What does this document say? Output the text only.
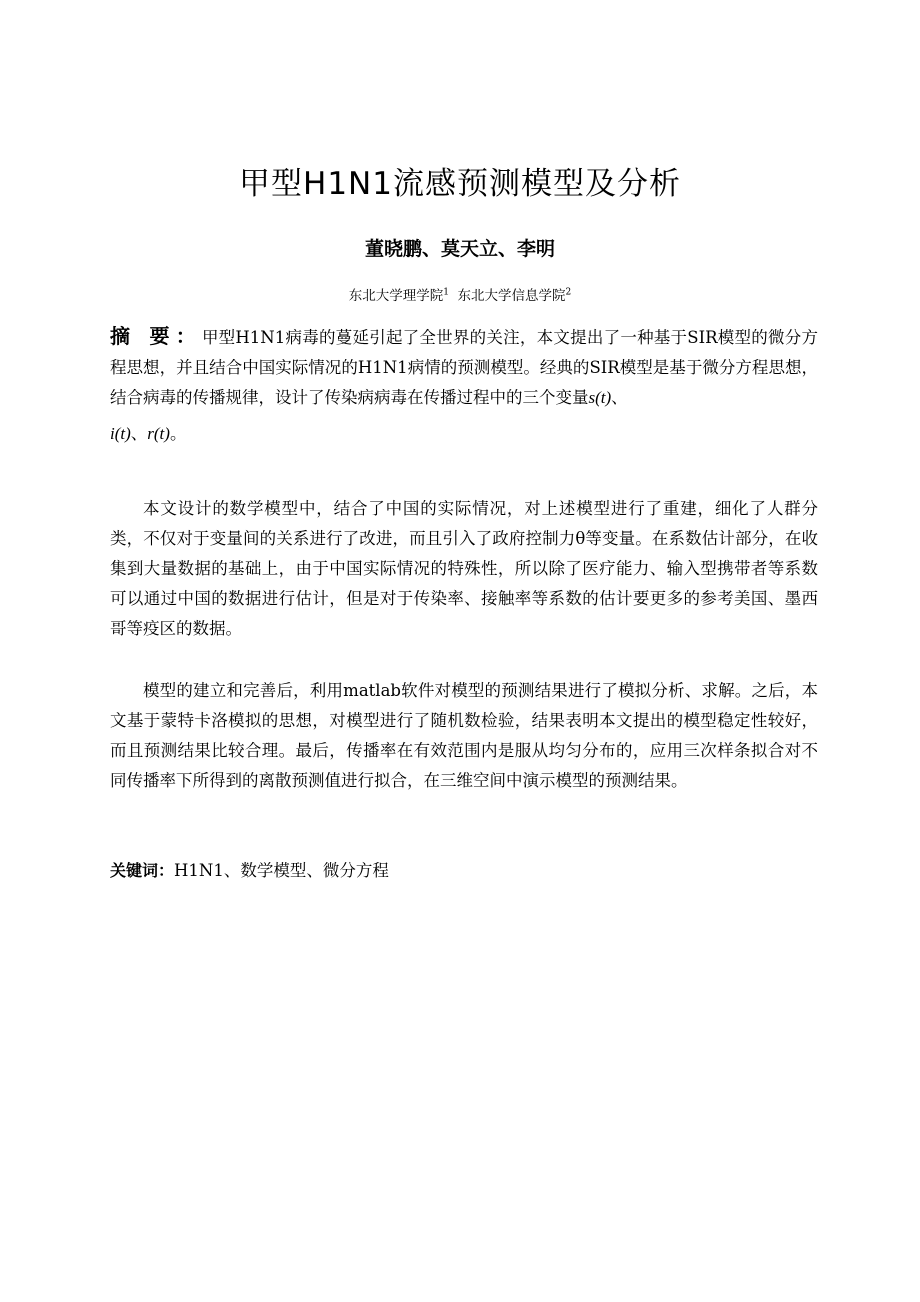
甲型H1N1流感预测模型及分析
董晓鹏、莫天立、李明
东北大学理学院$^1$ 东北大学信息学院$^2$
摘 要：甲型H1N1病毒的蔓延引起了全世界的关注，本文提出了一种基于SIR模型的微分方程思想，并且结合中国实际情况的H1N1病情的预测模型。经典的SIR模型是基于微分方程思想，结合病毒的传播规律，设计了传染病病毒在传播过程中的三个变量s(t)、

i(t)、r(t)。
本文设计的数学模型中，结合了中国的实际情况，对上述模型进行了重建，细化了人群分类，不仅对于变量间的关系进行了改进，而且引入了政府控制力θ等变量。在系数估计部分，在收集到大量数据的基础上，由于中国实际情况的特殊性，所以除了医疗能力、输入型携带者等系数可以通过中国的数据进行估计，但是对于传染率、接触率等系数的估计要更多的参考美国、墨西哥等疫区的数据。
模型的建立和完善后，利用matlab软件对模型的预测结果进行了模拟分析、求解。之后，本文基于蒙特卡洛模拟的思想，对模型进行了随机数检验，结果表明本文提出的模型稳定性较好，而且预测结果比较合理。最后，传播率在有效范围内是服从均匀分布的，应用三次样条拟合对不同传播率下所得到的离散预测值进行拟合，在三维空间中演示模型的预测结果。
关键词：H1N1、数学模型、微分方程
